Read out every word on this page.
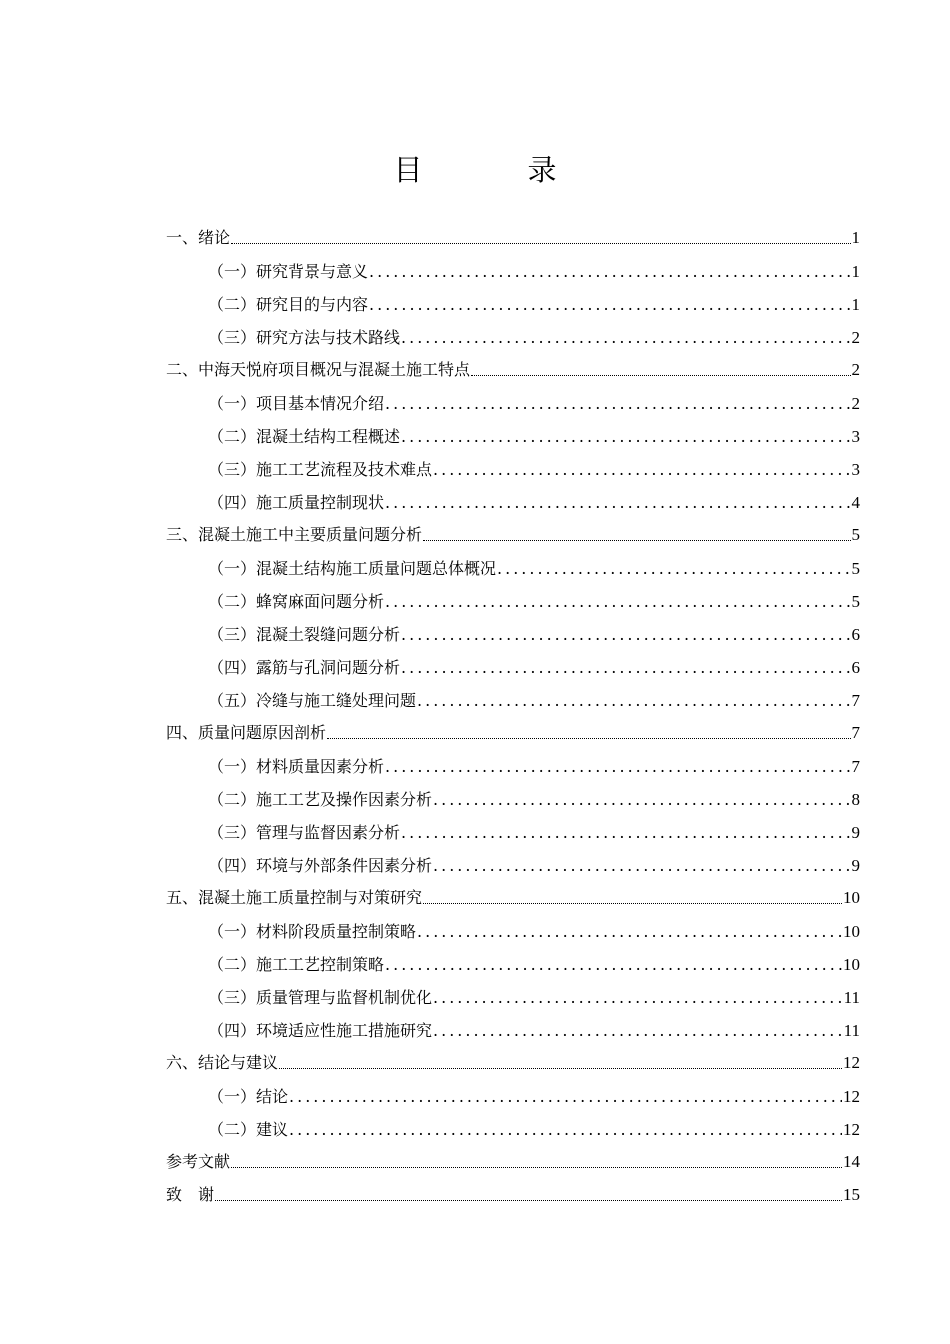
目　录
一、绪论	1
（一）研究背景与意义 .....	1
（二）研究目的与内容 .....	1
（三）研究方法与技术路线 .....	2
二、中海天悦府项目概况与混凝土施工特点	2
（一）项目基本情况介绍 .....	2
（二）混凝土结构工程概述 .....	3
（三）施工工艺流程及技术难点 .....	3
（四）施工质量控制现状 .....	4
三、混凝土施工中主要质量问题分析	5
（一）混凝土结构施工质量问题总体概况 .....	5
（二）蜂窝麻面问题分析 .....	5
（三）混凝土裂缝问题分析 .....	6
（四）露筋与孔洞问题分析 .....	6
（五）冷缝与施工缝处理问题 .....	7
四、质量问题原因剖析	7
（一）材料质量因素分析 .....	7
（二）施工工艺及操作因素分析 .....	8
（三）管理与监督因素分析 .....	9
（四）环境与外部条件因素分析 .....	9
五、混凝土施工质量控制与对策研究	10
（一）材料阶段质量控制策略 .....	10
（二）施工工艺控制策略 .....	10
（三）质量管理与监督机制优化 .....	11
（四）环境适应性施工措施研究 .....	11
六、结论与建议	12
（一）结论 .....	12
（二）建议 .....	12
参考文献	14
致　谢	15
